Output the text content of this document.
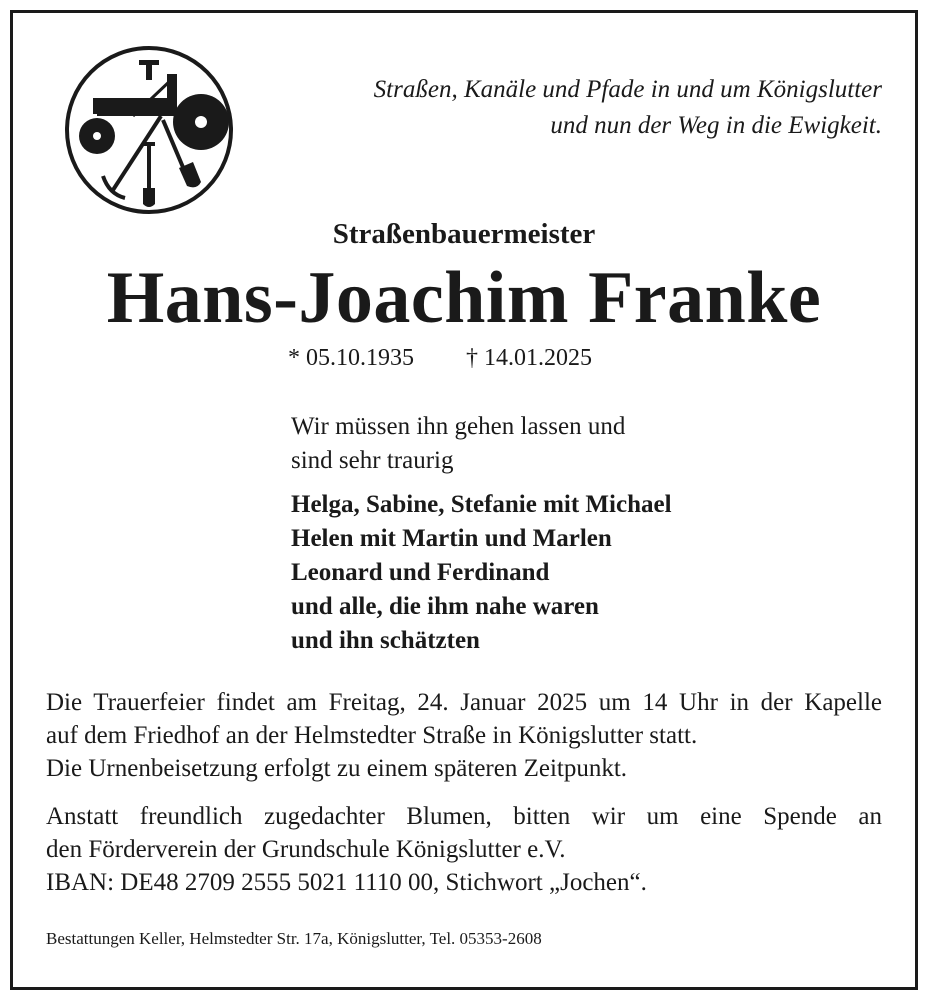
Straßen, Kanäle und Pfade in und um Königslutter
und nun der Weg in die Ewigkeit.
Straßenbauermeister
Hans-Joachim Franke
* 05.10.1935 † 14.01.2025
Wir müssen ihn gehen lassen und
sind sehr traurig
Helga, Sabine, Stefanie mit Michael
Helen mit Martin und Marlen
Leonard und Ferdinand
und alle, die ihm nahe waren
und ihn schätzten
Die Trauerfeier findet am Freitag, 24. Januar 2025 um 14 Uhr in der Kapelle
auf dem Friedhof an der Helmstedter Straße in Königslutter statt.
Die Urnenbeisetzung erfolgt zu einem späteren Zeitpunkt.
Anstatt freundlich zugedachter Blumen, bitten wir um eine Spende an
den Förderverein der Grundschule Königslutter e.V.
IBAN: DE48 2709 2555 5021 1110 00, Stichwort „Jochen“.
Bestattungen Keller, Helmstedter Str. 17a, Königslutter, Tel. 05353-2608
